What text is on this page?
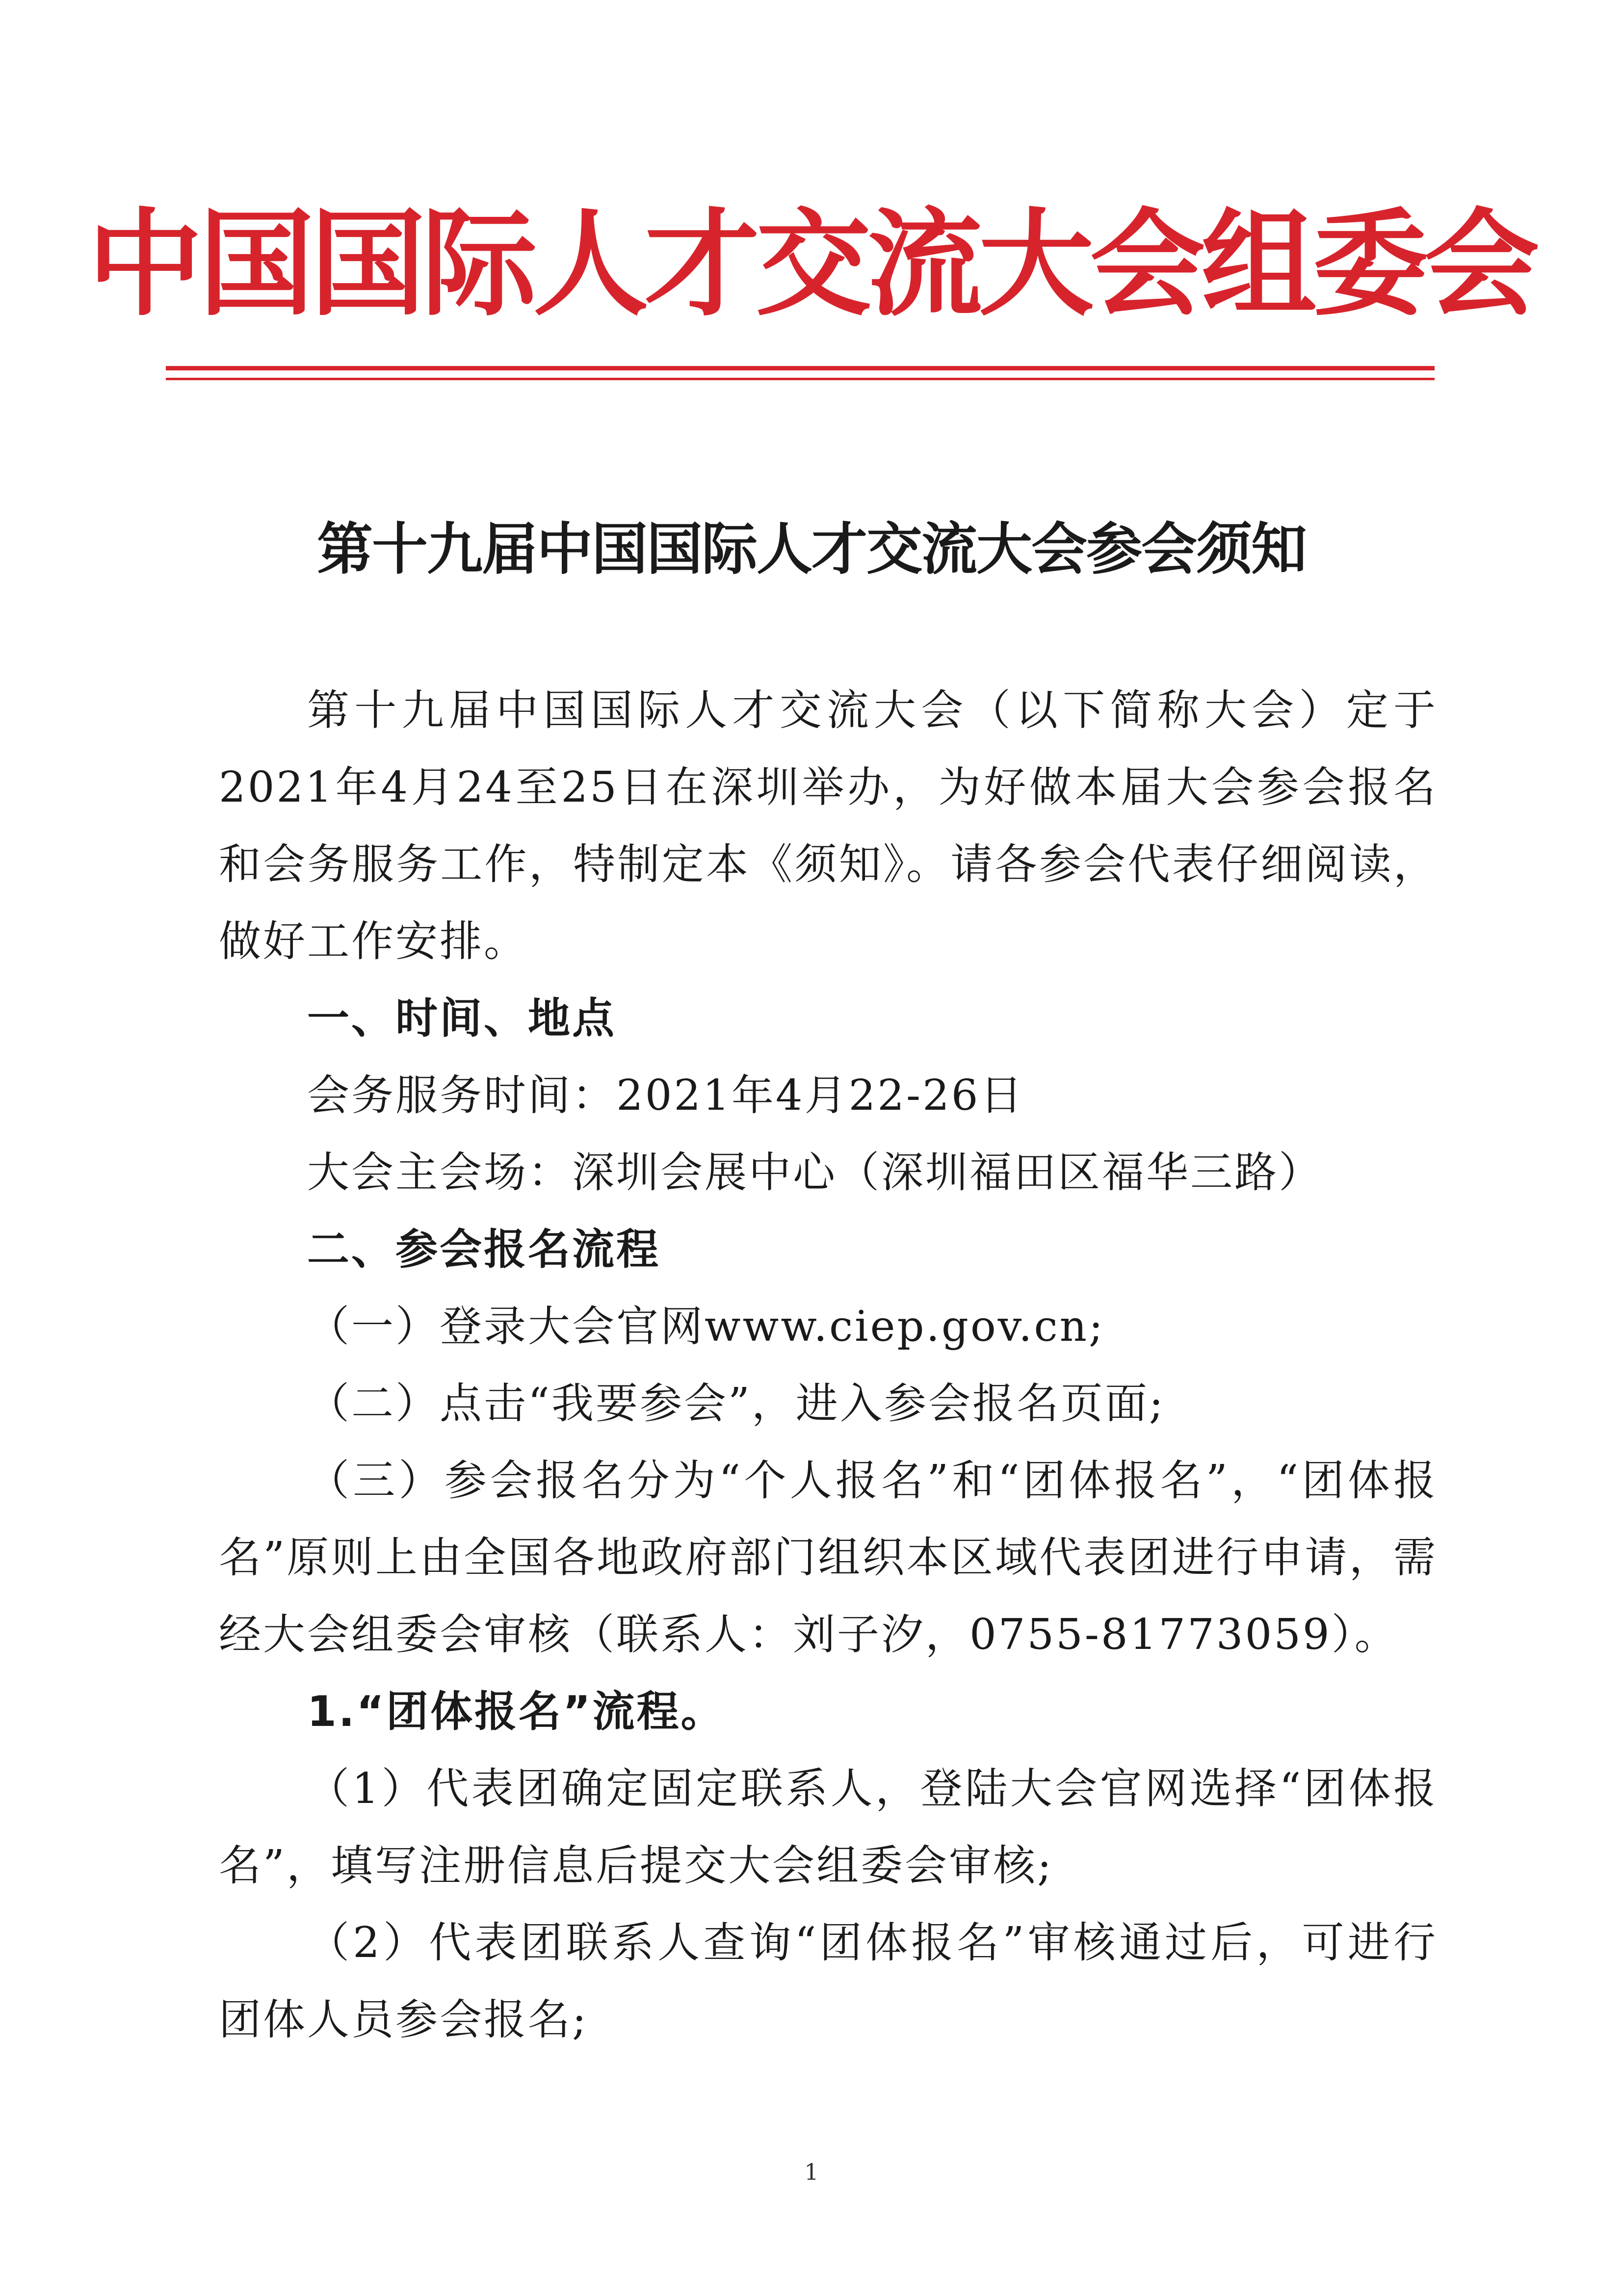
中国国际人才交流大会组委会
第十九届中国国际人才交流大会参会须知

第十九届中国国际人才交流大会（以下简称大会）定于2021年4月24至25日在深圳举办，为好做本届大会参会报名和会务服务工作，特制定本《须知》。请各参会代表仔细阅读，做好工作安排。

一、时间、地点

会务服务时间：2021年4月22-26日

大会主会场：深圳会展中心（深圳福田区福华三路）

二、参会报名流程

（一）登录大会官网www.ciep.gov.cn;

（二）点击“我要参会”，进入参会报名页面;

（三）参会报名分为“个人报名”和“团体报名”，“团体报名”原则上由全国各地政府部门组织本区域代表团进行申请，需经大会组委会审核（联系人：刘子汐，0755-81773059）。

1.“团体报名”流程。

（1）代表团确定固定联系人，登陆大会官网选择“团体报名”，填写注册信息后提交大会组委会审核;

（2）代表团联系人查询“团体报名”审核通过后，可进行团体人员参会报名;

1
